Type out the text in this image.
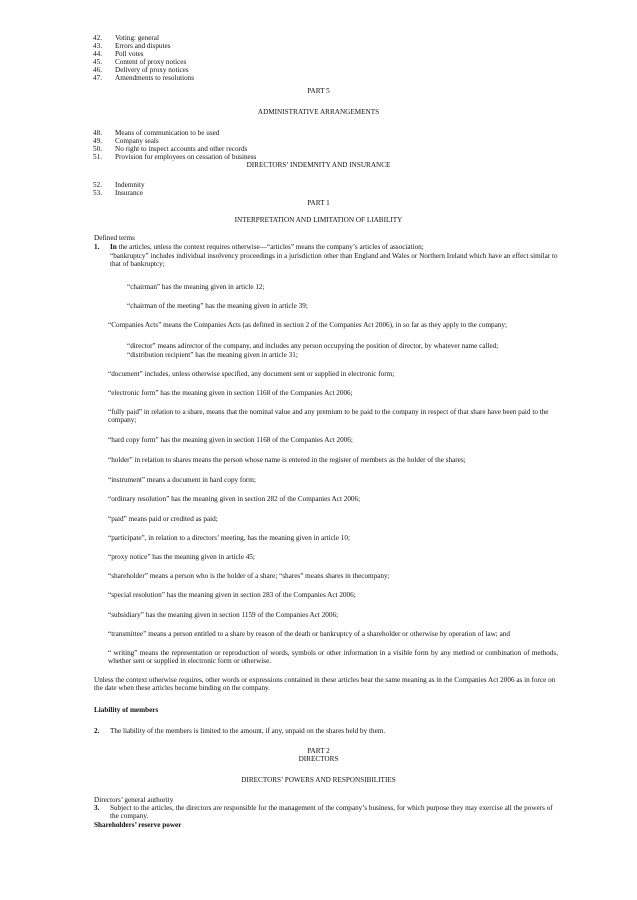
42. Voting: general
43. Errors and disputes
44. Poll votes
45. Content of proxy notices
46. Delivery of proxy notices
47. Amendments to resolutions
PART 5
ADMINISTRATIVE ARRANGEMENTS
48. Means of communication to be used
49. Company seals
50. No right to inspect accounts and other records
51. Provision for employees on cessation of business
DIRECTORS’ INDEMNITY AND INSURANCE
52. Indemnity
53. Insurance
PART 1
INTERPRETATION AND LIMITATION OF LIABILITY
Defined terms
1. In the articles, unless the context requires otherwise—“articles” means the company’s articles of association;
“bankruptcy” includes individual insolvency proceedings in a jurisdiction other than England and Wales or Northern Ireland which have an effect similar to that of bankruptcy;
“chairman” has the meaning given in article 12;
“chairman of the meeting” has the meaning given in article 39;
“Companies Acts” means the Companies Acts (as defined in section 2 of the Companies Act 2006), in so far as they apply to the company;
“director” means adirector of the company, and includes any person occupying the position of director, by whatever name called;
“distribution recipient” has the meaning given in article 31;
“document” includes, unless otherwise specified, any document sent or supplied in electronic form;
“electronic form” has the meaning given in section 1168 of the Companies Act 2006;
“fully paid” in relation to a share, means that the nominal value and any premium to be paid to the company in respect of that share have been paid to the company;
“hard copy form” has the meaning given in section 1168 of the Companies Act 2006;
“holder” in relation to shares means the person whose name is entered in the register of members as the holder of the shares;
“instrument” means a document in hard copy form;
“ordinary resolution” has the meaning given in section 282 of the Companies Act 2006;
“paid” means paid or credited as paid;
“participate”, in relation to a directors’ meeting, has the meaning given in article 10;
“proxy notice” has the meaning given in article 45;
“shareholder” means a person who is the holder of a share; “shares” means shares in thecompany;
“special resolution” has the meaning given in section 283 of the Companies Act 2006;
“subsidiary” has the meaning given in section 1159 of the Companies Act 2006;
“transmittee” means a person entitled to a share by reason of the death or bankruptcy of a shareholder or otherwise by operation of law; and
“ writing” means the representation or reproduction of words, symbols or other information in a visible form by any method or combination of methods, whether sent or supplied in electronic form or otherwise.
Unless the context otherwise requires, other words or expressions contained in these articles bear the same meaning as in the Companies Act 2006 as in force on the date when these articles become binding on the company.
Liability of members
2. The liability of the members is limited to the amount, if any, unpaid on the shares held by them.
PART 2
DIRECTORS
DIRECTORS’ POWERS AND RESPONSIBILITIES
Directors’ general authority
3. Subject to the articles, the directors are responsible for the management of the company’s business, for which purpose they may exercise all the powers of the company.
Shareholders’ reserve power
